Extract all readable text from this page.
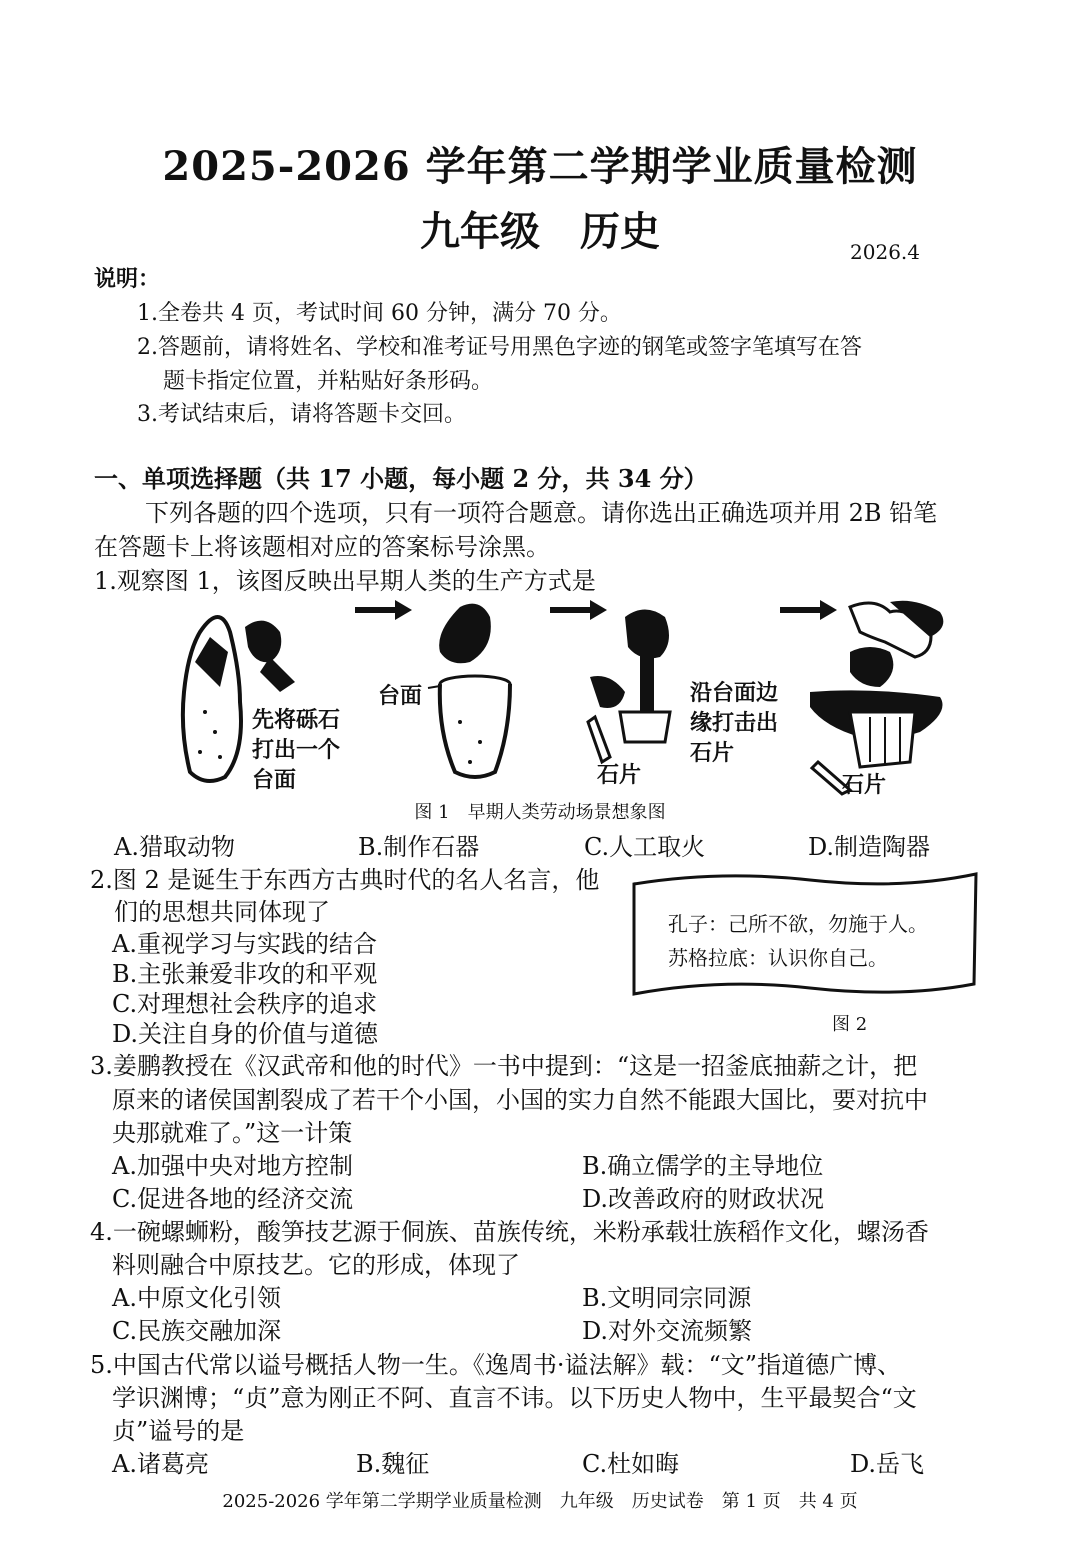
2025-2026 学年第二学期学业质量检测
九年级　历史	2026.4
说明：
1.全卷共 4 页，考试时间 60 分钟，满分 70 分。
2.答题前，请将姓名、学校和准考证号用黑色字迹的钢笔或签字笔填写在答
题卡指定位置，并粘贴好条形码。
3.考试结束后，请将答题卡交回。
一、单项选择题（共 17 小题，每小题 2 分，共 34 分）
下列各题的四个选项，只有一项符合题意。请你选出正确选项并用 2B 铅笔
在答题卡上将该题相对应的答案标号涂黑。
1.观察图 1，该图反映出早期人类的生产方式是
先将砾石
打出一个
台面
台面	沿台面边
缘打击出
石片
石片	石片
图 1　早期人类劳动场景想象图
A.猎取动物	B.制作石器	C.人工取火	D.制造陶器
2.图 2 是诞生于东西方古典时代的名人名言，他
们的思想共同体现了
A.重视学习与实践的结合
B.主张兼爱非攻的和平观
C.对理想社会秩序的追求
D.关注自身的价值与道德
孔子：己所不欲，勿施于人。
苏格拉底：认识你自己。
图 2
3.姜鹏教授在《汉武帝和他的时代》一书中提到：“这是一招釜底抽薪之计，把
原来的诸侯国割裂成了若干个小国，小国的实力自然不能跟大国比，要对抗中
央那就难了。”这一计策
A.加强中央对地方控制	B.确立儒学的主导地位
C.促进各地的经济交流	D.改善政府的财政状况
4.一碗螺蛳粉，酸笋技艺源于侗族、苗族传统，米粉承载壮族稻作文化，螺汤香
料则融合中原技艺。它的形成，体现了
A.中原文化引领	B.文明同宗同源
C.民族交融加深	D.对外交流频繁
5.中国古代常以谥号概括人物一生。《逸周书·谥法解》载：“文”指道德广博、
学识渊博；“贞”意为刚正不阿、直言不讳。以下历史人物中，生平最契合“文
贞”谥号的是
A.诸葛亮	B.魏征	C.杜如晦	D.岳飞
2025-2026 学年第二学期学业质量检测　九年级　历史试卷　第 1 页　共 4 页
